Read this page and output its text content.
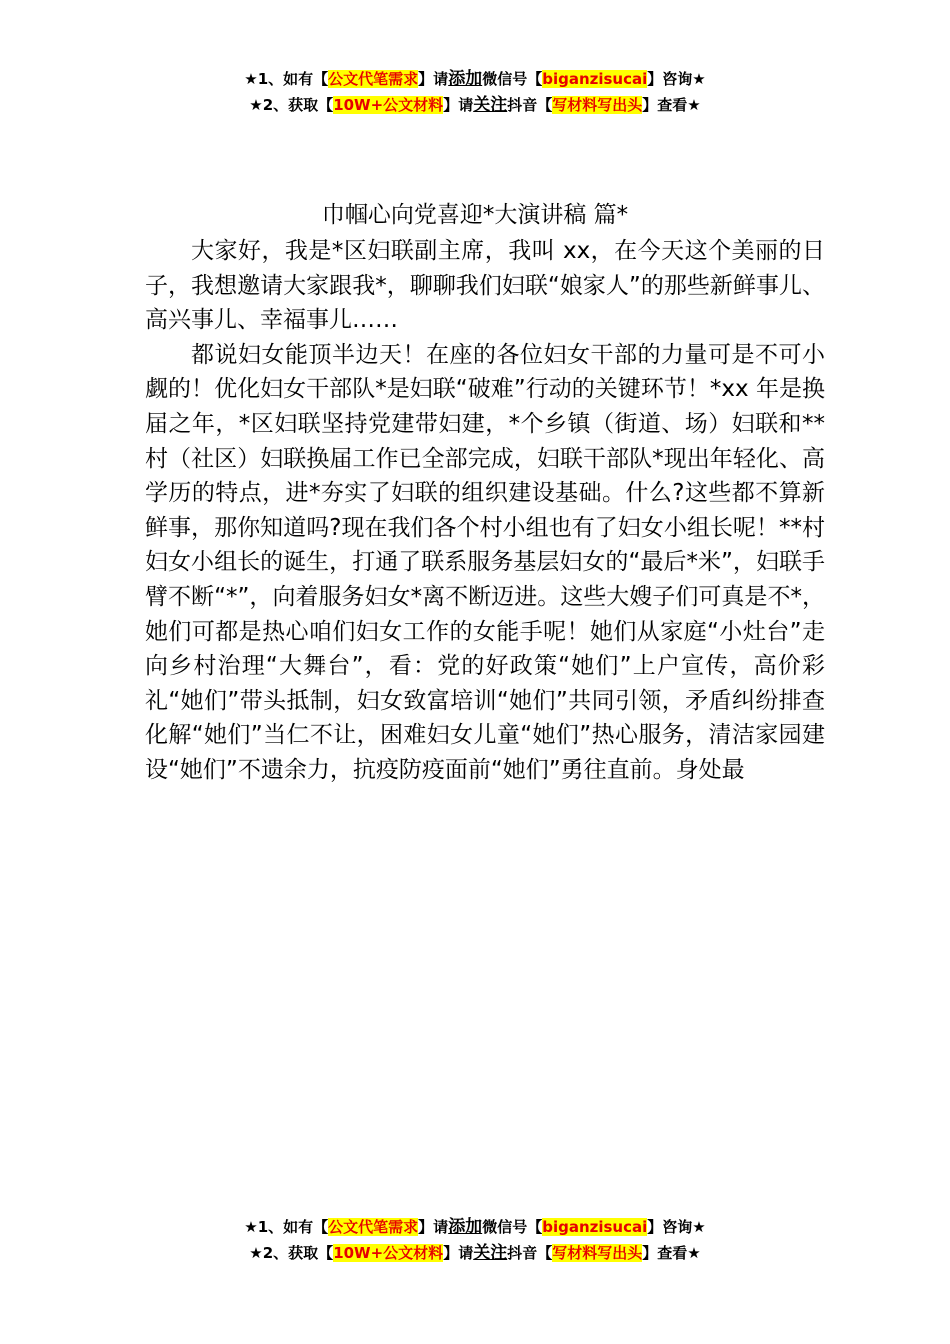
★1、如有【公文代笔需求】请添加微信号【biganzisucai】咨询★
★2、获取【10W+公文材料】请关注抖音【写材料写出头】查看★
巾帼心向党喜迎*大演讲稿 篇*

大家好，我是*区妇联副主席，我叫 xx，在今天这个美丽的日子，我想邀请大家跟我*，聊聊我们妇联“娘家人”的那些新鲜事儿、高兴事儿、幸福事儿……

都说妇女能顶半边天！在座的各位妇女干部的力量可是不可小觑的！优化妇女干部队*是妇联“破难”行动的关键环节！*xx 年是换届之年，*区妇联坚持党建带妇建，*个乡镇（街道、场）妇联和**村（社区）妇联换届工作已全部完成，妇联干部队*现出年轻化、高学历的特点，进*夯实了妇联的组织建设基础。什么?这些都不算新鲜事，那你知道吗?现在我们各个村小组也有了妇女小组长呢！**村妇女小组长的诞生，打通了联系服务基层妇女的“最后*米”，妇联手臂不断“*”，向着服务妇女*离不断迈进。这些大嫂子们可真是不*，她们可都是热心咱们妇女工作的女能手呢！她们从家庭“小灶台”走向乡村治理“大舞台”，看：党的好政策“她们”上户宣传，高价彩礼“她们”带头抵制，妇女致富培训“她们”共同引领，矛盾纠纷排查化解“她们”当仁不让，困难妇女儿童“她们”热心服务，清洁家园建设“她们”不遗余力，抗疫防疫面前“她们”勇往直前。身处最

★1、如有【公文代笔需求】请添加微信号【biganzisucai】咨询★
★2、获取【10W+公文材料】请关注抖音【写材料写出头】查看★
